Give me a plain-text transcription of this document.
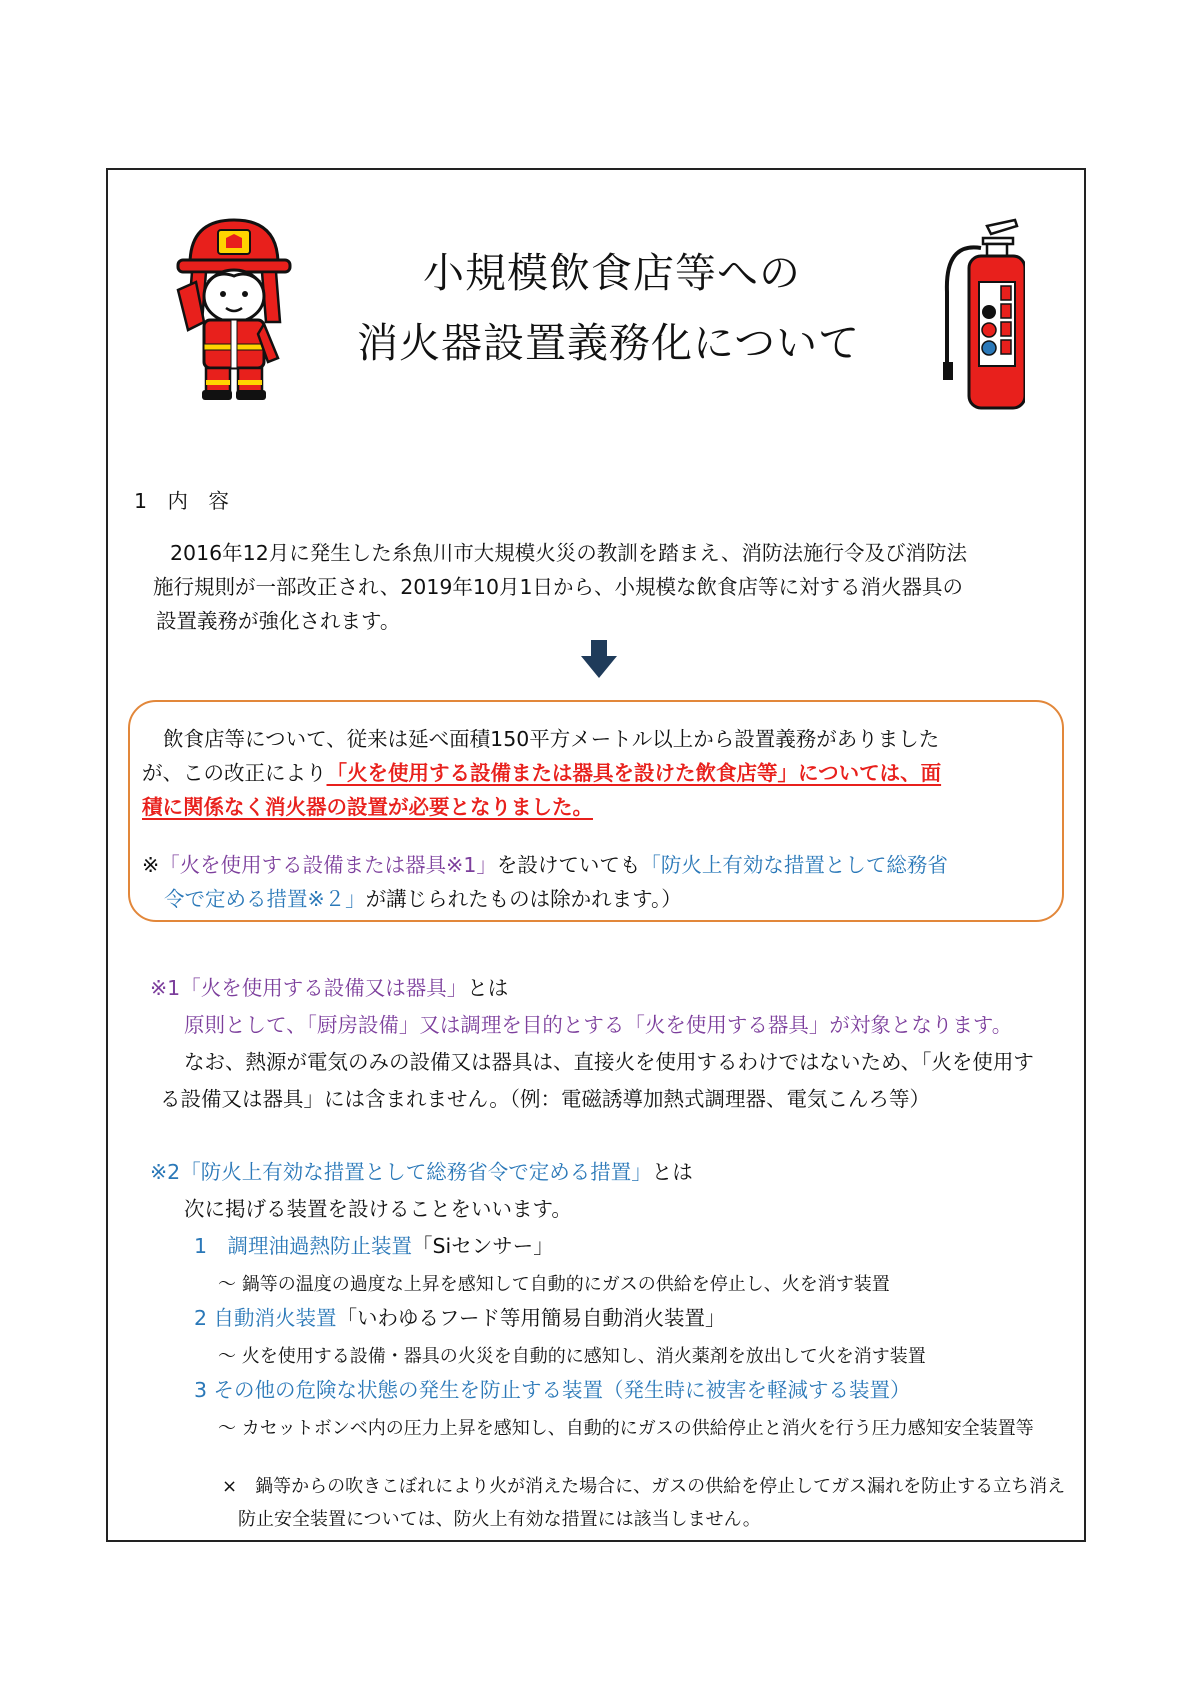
小規模飲食店等への
消火器設置義務化について
1　内　容
2016年12月に発生した糸魚川市大規模火災の教訓を踏まえ、消防法施行令及び消防法
施行規則が一部改正され、2019年10月1日から、小規模な飲食店等に対する消火器具の
設置義務が強化されます。
飲食店等について、従来は延べ面積150平方メートル以上から設置義務がありました
が、この改正により「火を使用する設備または器具を設けた飲食店等」については、面
積に関係なく消火器の設置が必要となりました。
※「火を使用する設備または器具※1」を設けていても「防火上有効な措置として総務省
令で定める措置※２」が講じられたものは除かれます。）
※1「火を使用する設備又は器具」とは
原則として、「厨房設備」又は調理を目的とする「火を使用する器具」が対象となります。
なお、熱源が電気のみの設備又は器具は、直接火を使用するわけではないため、「火を使用す
る設備又は器具」には含まれません。（例：電磁誘導加熱式調理器、電気こんろ等）
※2「防火上有効な措置として総務省令で定める措置」とは
次に掲げる装置を設けることをいいます。
1　調理油過熱防止装置「Siセンサー」
～ 鍋等の温度の過度な上昇を感知して自動的にガスの供給を停止し、火を消す装置
2 自動消火装置「いわゆるフード等用簡易自動消火装置」
～ 火を使用する設備・器具の火災を自動的に感知し、消火薬剤を放出して火を消す装置
3 その他の危険な状態の発生を防止する装置（発生時に被害を軽減する装置）
～ カセットボンベ内の圧力上昇を感知し、自動的にガスの供給停止と消火を行う圧力感知安全装置等
×　鍋等からの吹きこぼれにより火が消えた場合に、ガスの供給を停止してガス漏れを防止する立ち消え
防止安全装置については、防火上有効な措置には該当しません。
